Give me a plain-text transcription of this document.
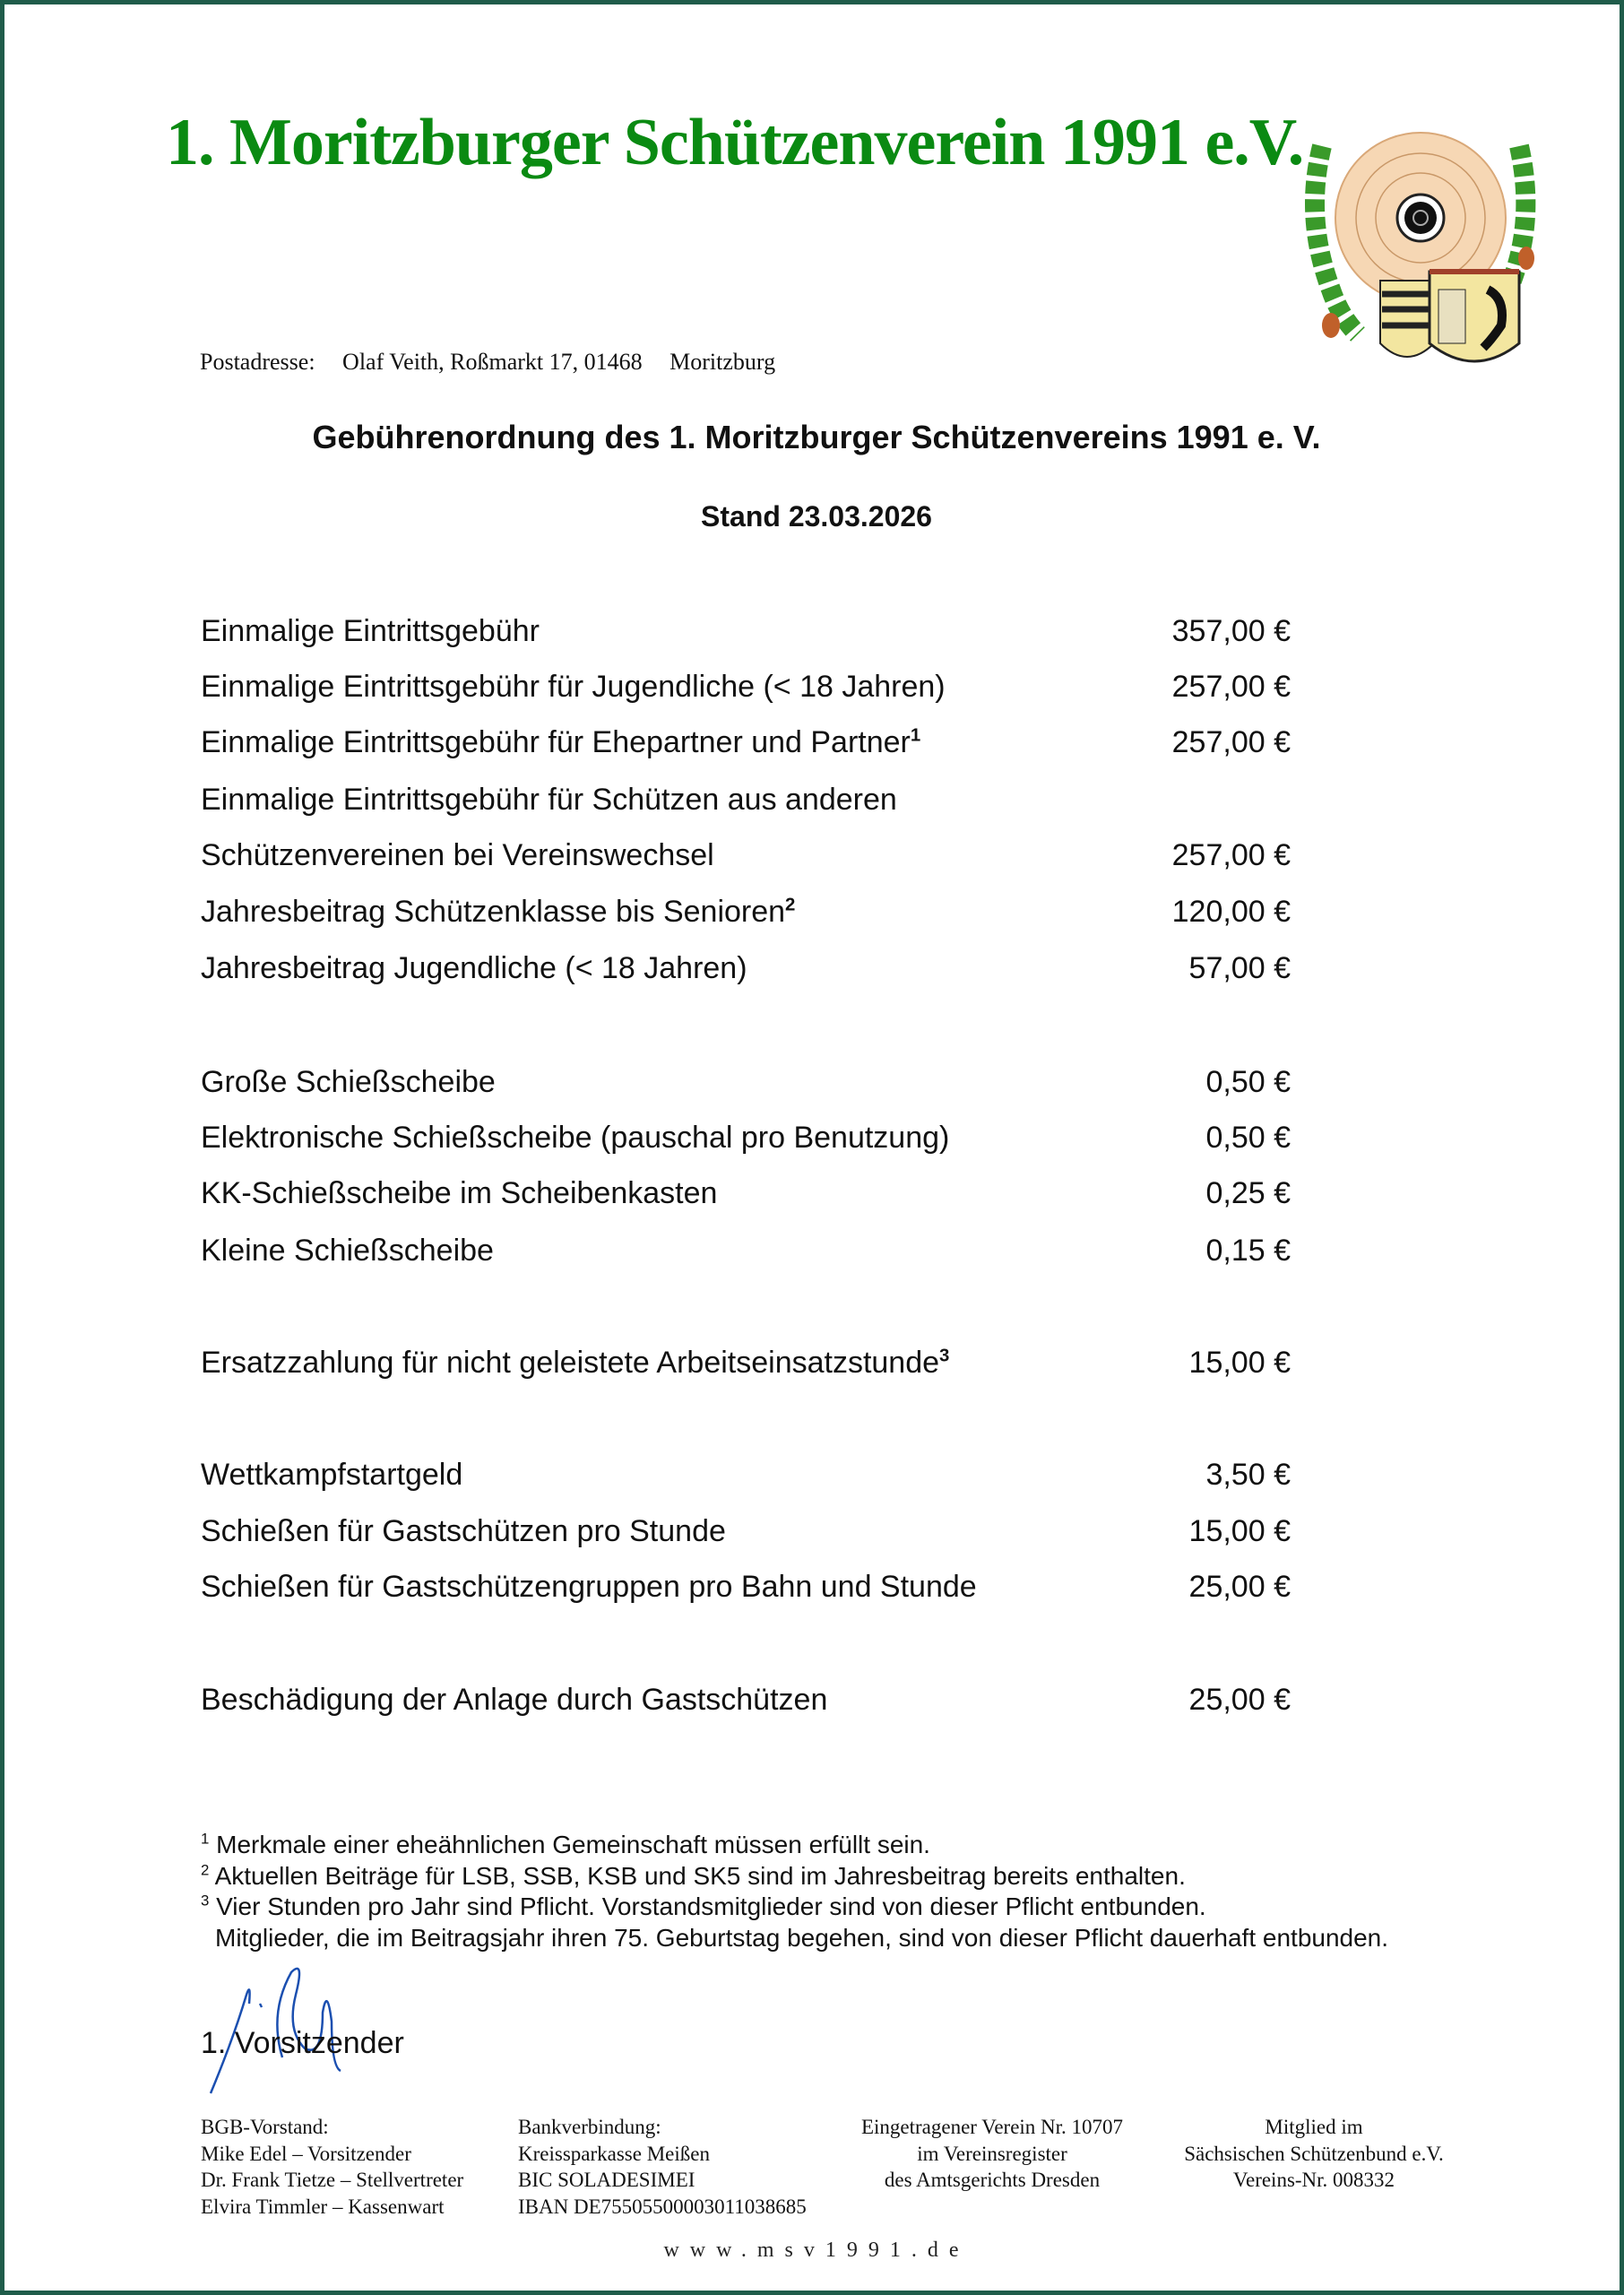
1. Moritzburger Schützenverein 1991 e.V.
Postadresse: Olaf Veith, Roßmarkt 17, 01468 Moritzburg
Gebührenordnung des 1. Moritzburger Schützenvereins 1991 e. V.
Stand 23.03.2026
Einmalige Eintrittsgebühr	357,00 €
Einmalige Eintrittsgebühr für Jugendliche (< 18 Jahren)	257,00 €
Einmalige Eintrittsgebühr für Ehepartner und Partner$^1$	257,00 €
Einmalige Eintrittsgebühr für Schützen aus anderen
Schützenvereinen bei Vereinswechsel	257,00 €
Jahresbeitrag Schützenklasse bis Senioren$^2$	120,00 €
Jahresbeitrag Jugendliche (< 18 Jahren)	57,00 €
Große Schießscheibe	0,50 €
Elektronische Schießscheibe (pauschal pro Benutzung)	0,50 €
KK-Schießscheibe im Scheibenkasten	0,25 €
Kleine Schießscheibe	0,15 €
Ersatzzahlung für nicht geleistete Arbeitseinsatzstunde$^3$	15,00 €
Wettkampfstartgeld	3,50 €
Schießen für Gastschützen pro Stunde	15,00 €
Schießen für Gastschützengruppen pro Bahn und Stunde	25,00 €
Beschädigung der Anlage durch Gastschützen	25,00 €
$^1$ Merkmale einer eheähnlichen Gemeinschaft müssen erfüllt sein.
$^2$ Aktuellen Beiträge für LSB, SSB, KSB und SK5 sind im Jahresbeitrag bereits enthalten.
$^3$ Vier Stunden pro Jahr sind Pflicht. Vorstandsmitglieder sind von dieser Pflicht entbunden.
Mitglieder, die im Beitragsjahr ihren 75. Geburtstag begehen, sind von dieser Pflicht dauerhaft entbunden.
1. Vorsitzender
BGB-Vorstand:
Mike Edel – Vorsitzender
Dr. Frank Tietze – Stellvertreter
Elvira Timmler – Kassenwart
Bankverbindung:
Kreissparkasse Meißen
BIC SOLADESIMEI
IBAN DE75505500003011038685
Eingetragener Verein Nr. 10707
im Vereinsregister
des Amtsgerichts Dresden
Mitglied im
Sächsischen Schützenbund e.V.
Vereins-Nr. 008332
www.msv1991.de
